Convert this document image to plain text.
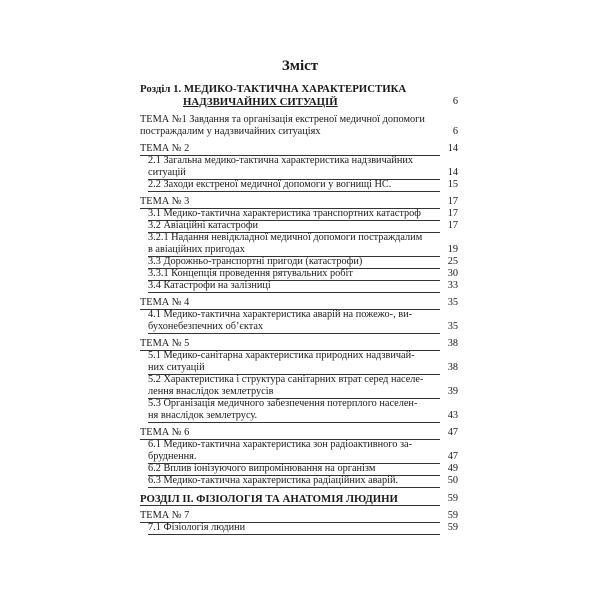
Зміст
Розділ 1. МЕДИКО-ТАКТИЧНА ХАРАКТЕРИСТИКА
НАДЗВИЧАЙНИХ СИТУАЦІЙ	6
ТЕМА №1 Завдання та організація екстреної медичної допомоги
постраждалим у надзвичайних ситуаціях	6
ТЕМА № 2	14
2.1 Загальна медико-тактична характеристика надзвичайних
ситуацій	14
2.2 Заходи екстреної медичної допомоги у вогнищі НС.	15
ТЕМА № 3	17
3.1 Медико-тактична характеристика транспортних катастроф	17
3.2 Авіаційні катастрофи	17
3.2.1 Надання невідкладної медичної допомоги постраждалим
в авіаційних пригодах	19
3.3 Дорожньо-транспортні пригоди (катастрофи)	25
3.3.1 Концепція проведення рятувальних робіт	30
3.4 Катастрофи на залізниці	33
ТЕМА № 4	35
4.1 Медико-тактична характеристика аварій на пожежо-, ви-
бухонебезпечних об’єктах	35
ТЕМА № 5	38
5.1 Медико-санітарна характеристика природних надзвичай-
них ситуацій	38
5.2 Характеристика і структура санітарних втрат серед населе-
лення внаслідок землетрусів	39
5.3 Організація медичного забезпечення потерплого населен-
ня внаслідок землетрусу.	43
ТЕМА № 6	47
6.1 Медико-тактична характеристика зон радіоактивного за-
бруднення.	47
6.2 Вплив іонізуючого випромінювання на організм	49
6.3 Медико-тактична характеристика радіаційних аварій.	50
РОЗДІЛ ІІ. ФІЗІОЛОГІЯ ТА АНАТОМІЯ ЛЮДИНИ	59
ТЕМА № 7	59
7.1 Фізіологія людини	59
